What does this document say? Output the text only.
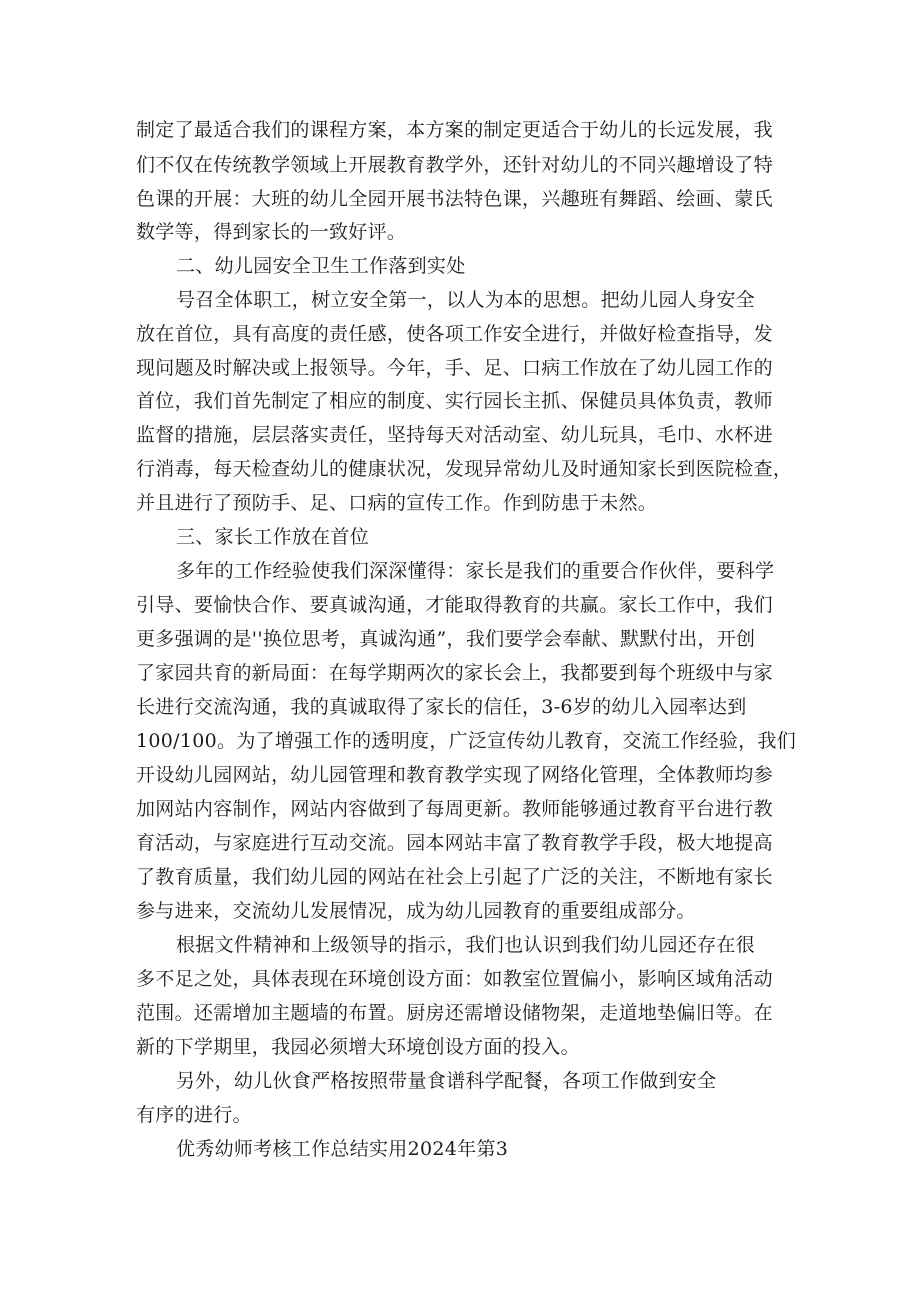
制定了最适合我们的课程方案，本方案的制定更适合于幼儿的长远发展，我
们不仅在传统教学领域上开展教育教学外，还针对幼儿的不同兴趣增设了特
色课的开展：大班的幼儿全园开展书法特色课，兴趣班有舞蹈、绘画、蒙氏
数学等，得到家长的一致好评。
二、幼儿园安全卫生工作落到实处
号召全体职工，树立安全第一，以人为本的思想。把幼儿园人身安全
放在首位，具有高度的责任感，使各项工作安全进行，并做好检查指导，发
现问题及时解决或上报领导。今年，手、足、口病工作放在了幼儿园工作的
首位，我们首先制定了相应的制度、实行园长主抓、保健员具体负责，教师
监督的措施，层层落实责任，坚持每天对活动室、幼儿玩具，毛巾、水杯进
行消毒，每天检查幼儿的健康状况，发现异常幼儿及时通知家长到医院检查，
并且进行了预防手、足、口病的宣传工作。作到防患于未然。
三、家长工作放在首位
多年的工作经验使我们深深懂得：家长是我们的重要合作伙伴，要科学
引导、要愉快合作、要真诚沟通，才能取得教育的共赢。家长工作中，我们
更多强调的是''换位思考，真诚沟通”，我们要学会奉献、默默付出，开创
了家园共育的新局面：在每学期两次的家长会上，我都要到每个班级中与家
长进行交流沟通，我的真诚取得了家长的信任，3-6岁的幼儿入园率达到
100/100。为了增强工作的透明度，广泛宣传幼儿教育，交流工作经验，我们
开设幼儿园网站，幼儿园管理和教育教学实现了网络化管理，全体教师均参
加网站内容制作，网站内容做到了每周更新。教师能够通过教育平台进行教
育活动，与家庭进行互动交流。园本网站丰富了教育教学手段，极大地提高
了教育质量，我们幼儿园的网站在社会上引起了广泛的关注，不断地有家长
参与进来，交流幼儿发展情况，成为幼儿园教育的重要组成部分。
根据文件精神和上级领导的指示，我们也认识到我们幼儿园还存在很
多不足之处，具体表现在环境创设方面：如教室位置偏小，影响区域角活动
范围。还需增加主题墙的布置。厨房还需增设储物架，走道地垫偏旧等。在
新的下学期里，我园必须增大环境创设方面的投入。
另外，幼儿伙食严格按照带量食谱科学配餐，各项工作做到安全
有序的进行。
优秀幼师考核工作总结实用2024年第3
